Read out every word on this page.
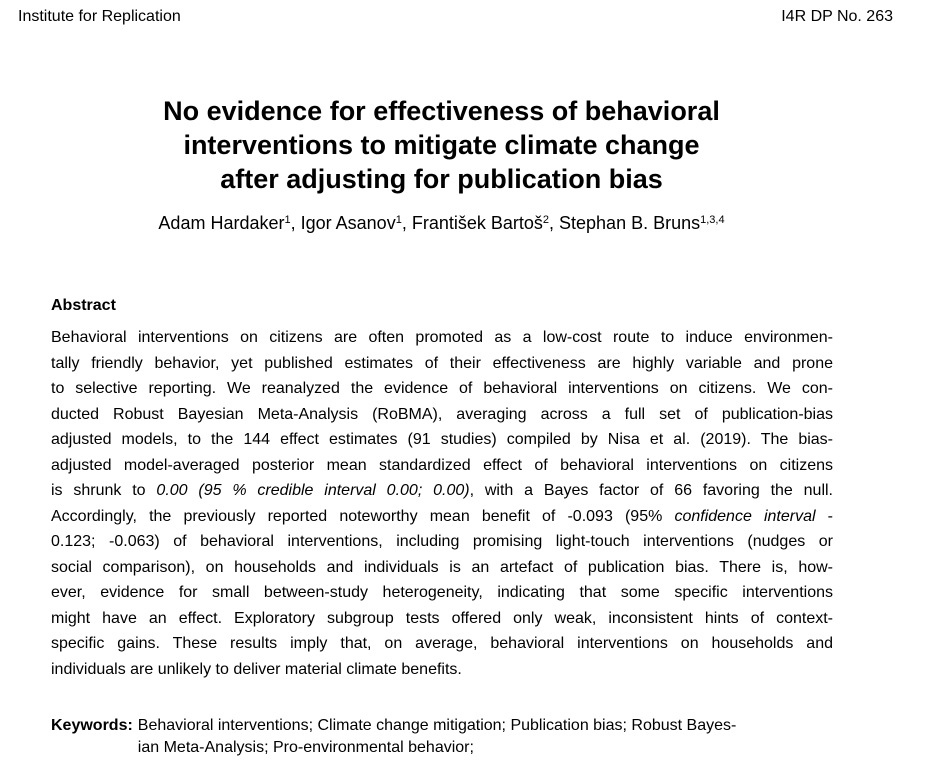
Institute for Replication	I4R DP No. 263
No evidence for effectiveness of behavioral
interventions to mitigate climate change
after adjusting for publication bias
Adam Hardaker$^1$, Igor Asanov$^1$, František Bartoš$^2$, Stephan B. Bruns$^{1,3,4}$
Abstract
Behavioral interventions on citizens are often promoted as a low-cost route to induce environmen-
tally friendly behavior, yet published estimates of their effectiveness are highly variable and prone
to selective reporting. We reanalyzed the evidence of behavioral interventions on citizens. We con-
ducted Robust Bayesian Meta-Analysis (RoBMA), averaging across a full set of publication-bias
adjusted models, to the 144 effect estimates (91 studies) compiled by Nisa et al. (2019). The bias-
adjusted model-averaged posterior mean standardized effect of behavioral interventions on citizens
is shrunk to 0.00 (95 % credible interval 0.00; 0.00), with a Bayes factor of 66 favoring the null.
Accordingly, the previously reported noteworthy mean benefit of -0.093 (95% confidence interval -
0.123; -0.063) of behavioral interventions, including promising light-touch interventions (nudges or
social comparison), on households and individuals is an artefact of publication bias. There is, how-
ever, evidence for small between-study heterogeneity, indicating that some specific interventions
might have an effect. Exploratory subgroup tests offered only weak, inconsistent hints of context-
specific gains. These results imply that, on average, behavioral interventions on households and
individuals are unlikely to deliver material climate benefits.
Keywords: Behavioral interventions; Climate change mitigation; Publication bias; Robust Bayes-
ian Meta-Analysis; Pro-environmental behavior;
